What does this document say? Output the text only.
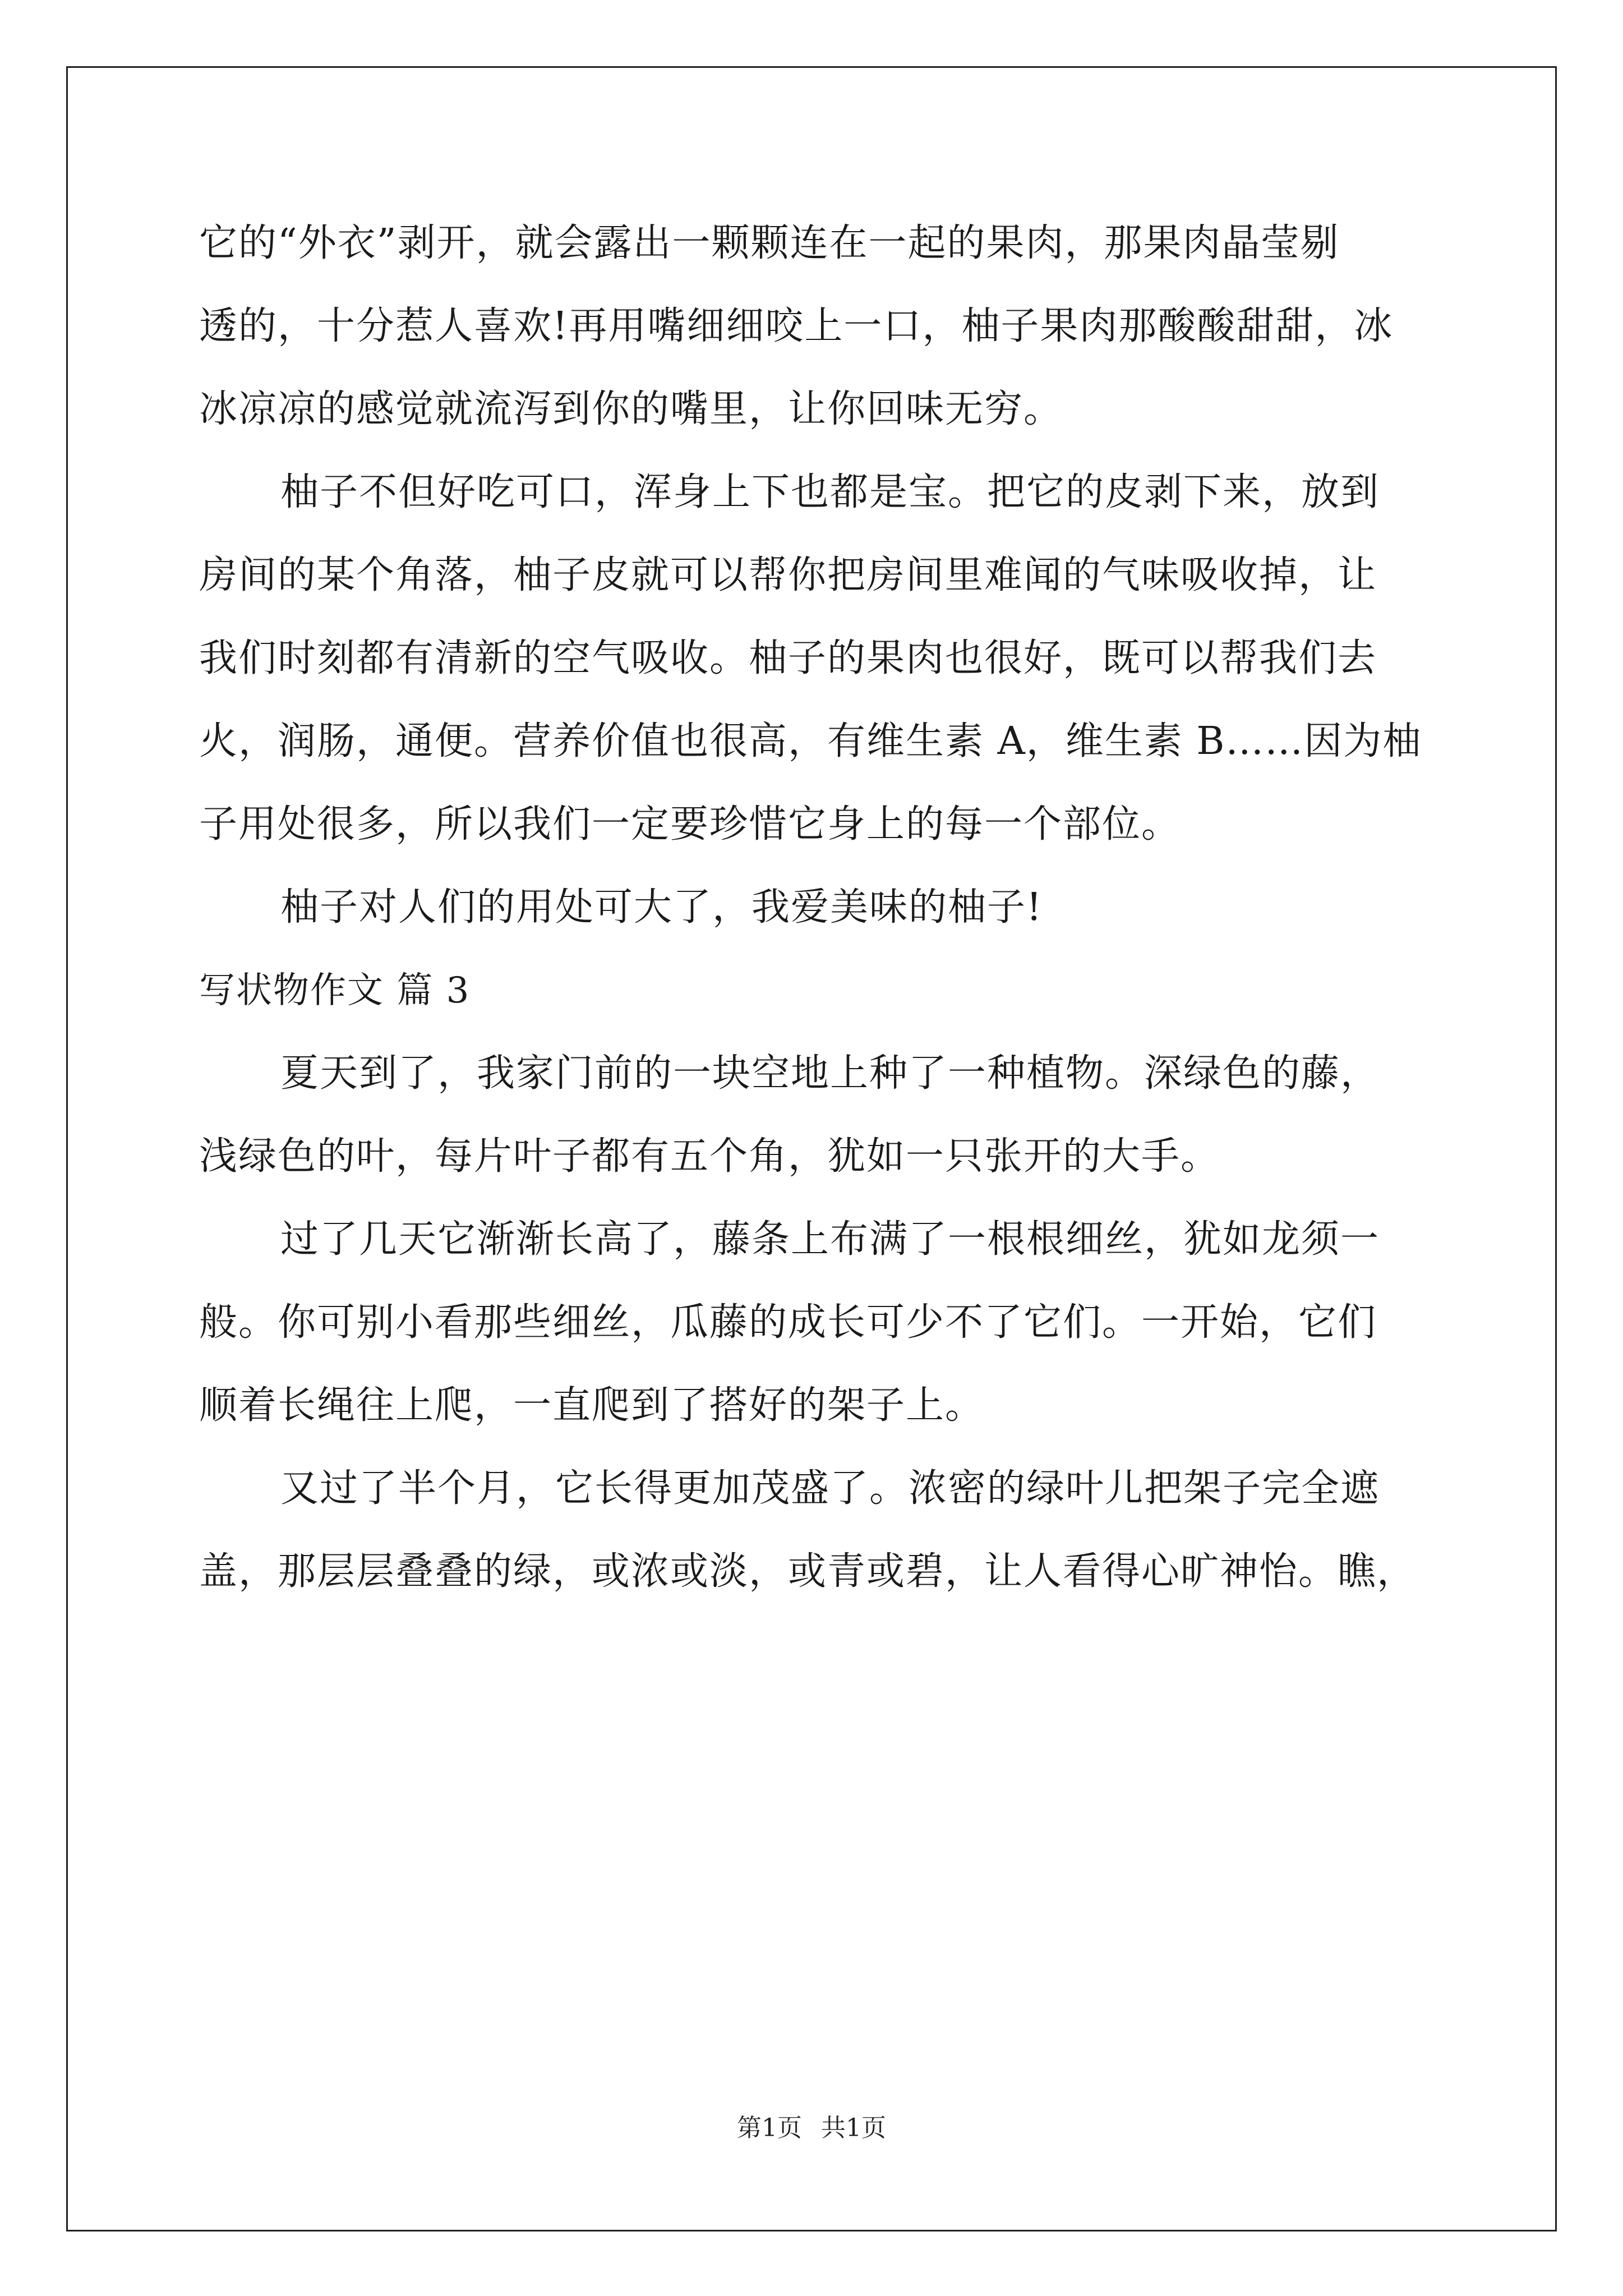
它的“外衣”剥开，就会露出一颗颗连在一起的果肉，那果肉晶莹剔
透的，十分惹人喜欢!再用嘴细细咬上一口，柚子果肉那酸酸甜甜，冰
冰凉凉的感觉就流泻到你的嘴里，让你回味无穷。
柚子不但好吃可口，浑身上下也都是宝。把它的皮剥下来，放到
房间的某个角落，柚子皮就可以帮你把房间里难闻的气味吸收掉，让
我们时刻都有清新的空气吸收。柚子的果肉也很好，既可以帮我们去
火，润肠，通便。营养价值也很高，有维生素 A，维生素 B……因为柚
子用处很多，所以我们一定要珍惜它身上的每一个部位。
柚子对人们的用处可大了，我爱美味的柚子!
写状物作文 篇 3
夏天到了，我家门前的一块空地上种了一种植物。深绿色的藤，
浅绿色的叶，每片叶子都有五个角，犹如一只张开的大手。
过了几天它渐渐长高了，藤条上布满了一根根细丝，犹如龙须一
般。你可别小看那些细丝，瓜藤的成长可少不了它们。一开始，它们
顺着长绳往上爬，一直爬到了搭好的架子上。
又过了半个月，它长得更加茂盛了。浓密的绿叶儿把架子完全遮
盖，那层层叠叠的绿，或浓或淡，或青或碧，让人看得心旷神怡。瞧，
第1页 共1页
